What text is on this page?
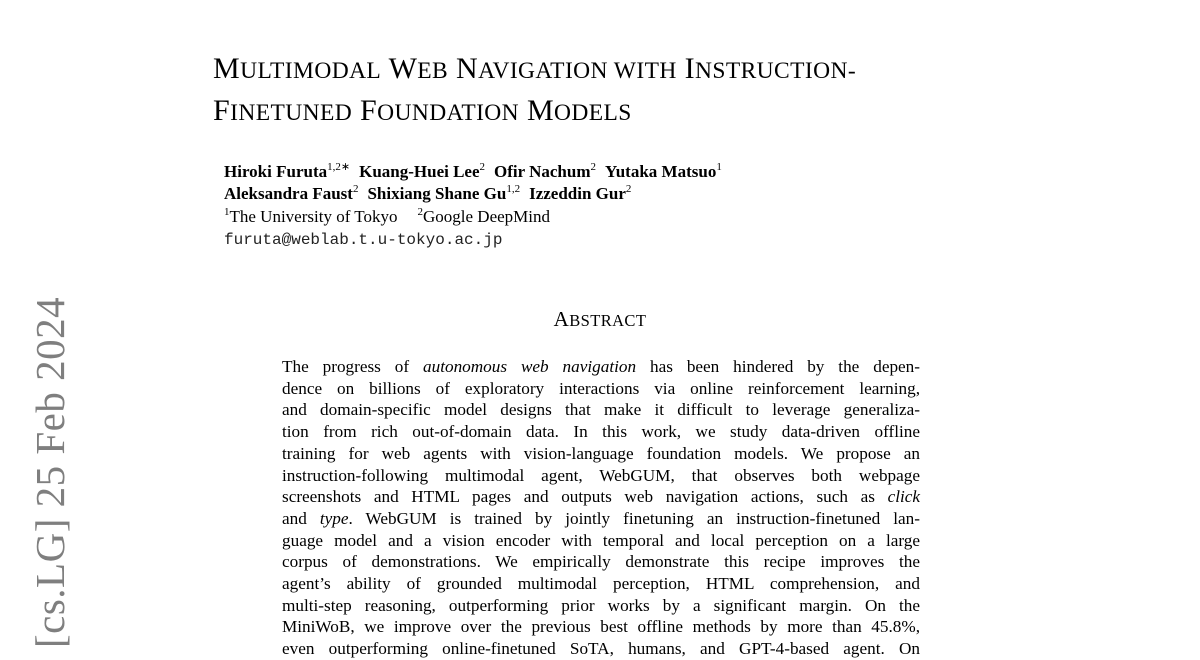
[cs.LG] 25 Feb 2024
MULTIMODAL WEB NAVIGATION WITH INSTRUCTION-
FINETUNED FOUNDATION MODELS
Hiroki Furuta$^{1,2∗}$ Kuang-Huei Lee$^2$ Ofir Nachum$^2$ Yutaka Matsuo$^1$
Aleksandra Faust$^2$ Shixiang Shane Gu$^{1,2}$ Izzeddin Gur$^2$
$^1$The University of Tokyo $^2$Google DeepMind
furuta@weblab.t.u-tokyo.ac.jp
ABSTRACT
The progress of autonomous web navigation has been hindered by the depen-
dence on billions of exploratory interactions via online reinforcement learning,
and domain-specific model designs that make it difficult to leverage generaliza-
tion from rich out-of-domain data. In this work, we study data-driven offline
training for web agents with vision-language foundation models. We propose an
instruction-following multimodal agent, WebGUM, that observes both webpage
screenshots and HTML pages and outputs web navigation actions, such as click
and type. WebGUM is trained by jointly finetuning an instruction-finetuned lan-
guage model and a vision encoder with temporal and local perception on a large
corpus of demonstrations. We empirically demonstrate this recipe improves the
agent’s ability of grounded multimodal perception, HTML comprehension, and
multi-step reasoning, outperforming prior works by a significant margin. On the
MiniWoB, we improve over the previous best offline methods by more than 45.8%,
even outperforming online-finetuned SoTA, humans, and GPT-4-based agent. On
